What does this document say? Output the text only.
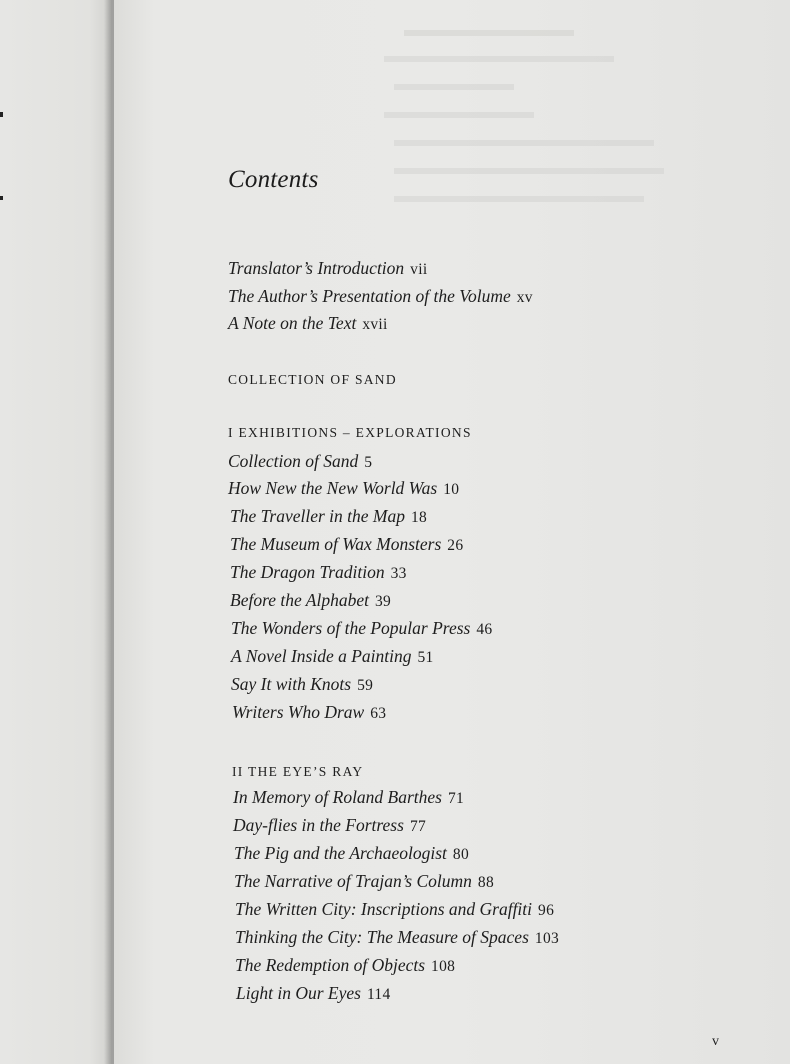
Contents
Translator’s Introduction vii
The Author’s Presentation of the Volume xv
A Note on the Text xvii
COLLECTION OF SAND
I EXHIBITIONS – EXPLORATIONS
Collection of Sand 5
How New the New World Was 10
The Traveller in the Map 18
The Museum of Wax Monsters 26
The Dragon Tradition 33
Before the Alphabet 39
The Wonders of the Popular Press 46
A Novel Inside a Painting 51
Say It with Knots 59
Writers Who Draw 63
II THE EYE’S RAY
In Memory of Roland Barthes 71
Day-flies in the Fortress 77
The Pig and the Archaeologist 80
The Narrative of Trajan’s Column 88
The Written City: Inscriptions and Graffiti 96
Thinking the City: The Measure of Spaces 103
The Redemption of Objects 108
Light in Our Eyes 114
v
